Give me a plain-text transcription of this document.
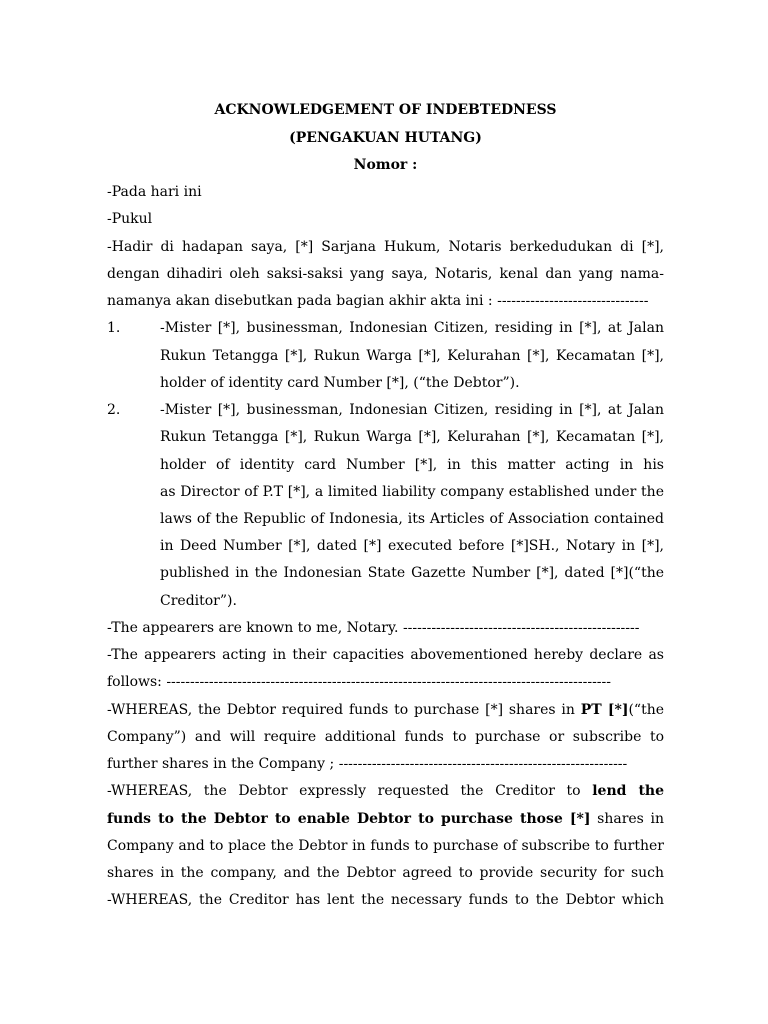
ACKNOWLEDGEMENT OF INDEBTEDNESS
(PENGAKUAN HUTANG)
Nomor :
-Pada hari ini
-Pukul
-Hadir di hadapan saya, [*] Sarjana Hukum, Notaris berkedudukan di [*],
dengan dihadiri oleh saksi-saksi yang saya, Notaris, kenal dan yang nama-
namanya akan disebutkan pada bagian akhir akta ini : --------------------------------
1.	-Mister [*], businessman, Indonesian Citizen, residing in [*], at Jalan
Rukun Tetangga [*], Rukun Warga [*], Kelurahan [*], Kecamatan [*],
holder of identity card Number [*], (“the Debtor”).
2.	-Mister [*], businessman, Indonesian Citizen, residing in [*], at Jalan
Rukun Tetangga [*], Rukun Warga [*], Kelurahan [*], Kecamatan [*],
holder of identity card Number [*], in this matter acting in his
as Director of P.T [*], a limited liability company established under the
laws of the Republic of Indonesia, its Articles of Association contained
in Deed Number [*], dated [*] executed before [*]SH., Notary in [*],
published in the Indonesian State Gazette Number [*], dated [*](“the
Creditor”).
-The appearers are known to me, Notary. --------------------------------------------------
-The appearers acting in their capacities abovementioned hereby declare as
follows: ----------------------------------------------------------------------------------------------
-WHEREAS, the Debtor required funds to purchase [*] shares in PT [*](“the
Company”) and will require additional funds to purchase or subscribe to
further shares in the Company ; -------------------------------------------------------------
-WHEREAS, the Debtor expressly requested the Creditor to lend the
funds to the Debtor to enable Debtor to purchase those [*] shares in
Company and to place the Debtor in funds to purchase of subscribe to further
shares in the company, and the Debtor agreed to provide security for such
-WHEREAS, the Creditor has lent the necessary funds to the Debtor which
